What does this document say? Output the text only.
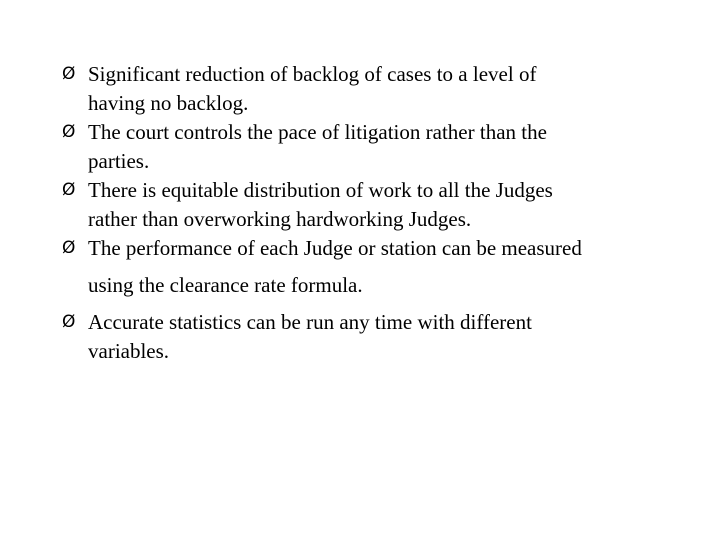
Ø Significant reduction of backlog of cases to a level of
having no backlog.
Ø The court controls the pace of litigation rather than the
parties.
Ø There is equitable distribution of work to all the Judges
rather than overworking hardworking Judges.
Ø The performance of each Judge or station can be measured
using the clearance rate formula.
Ø Accurate statistics can be run any time with different
variables.
